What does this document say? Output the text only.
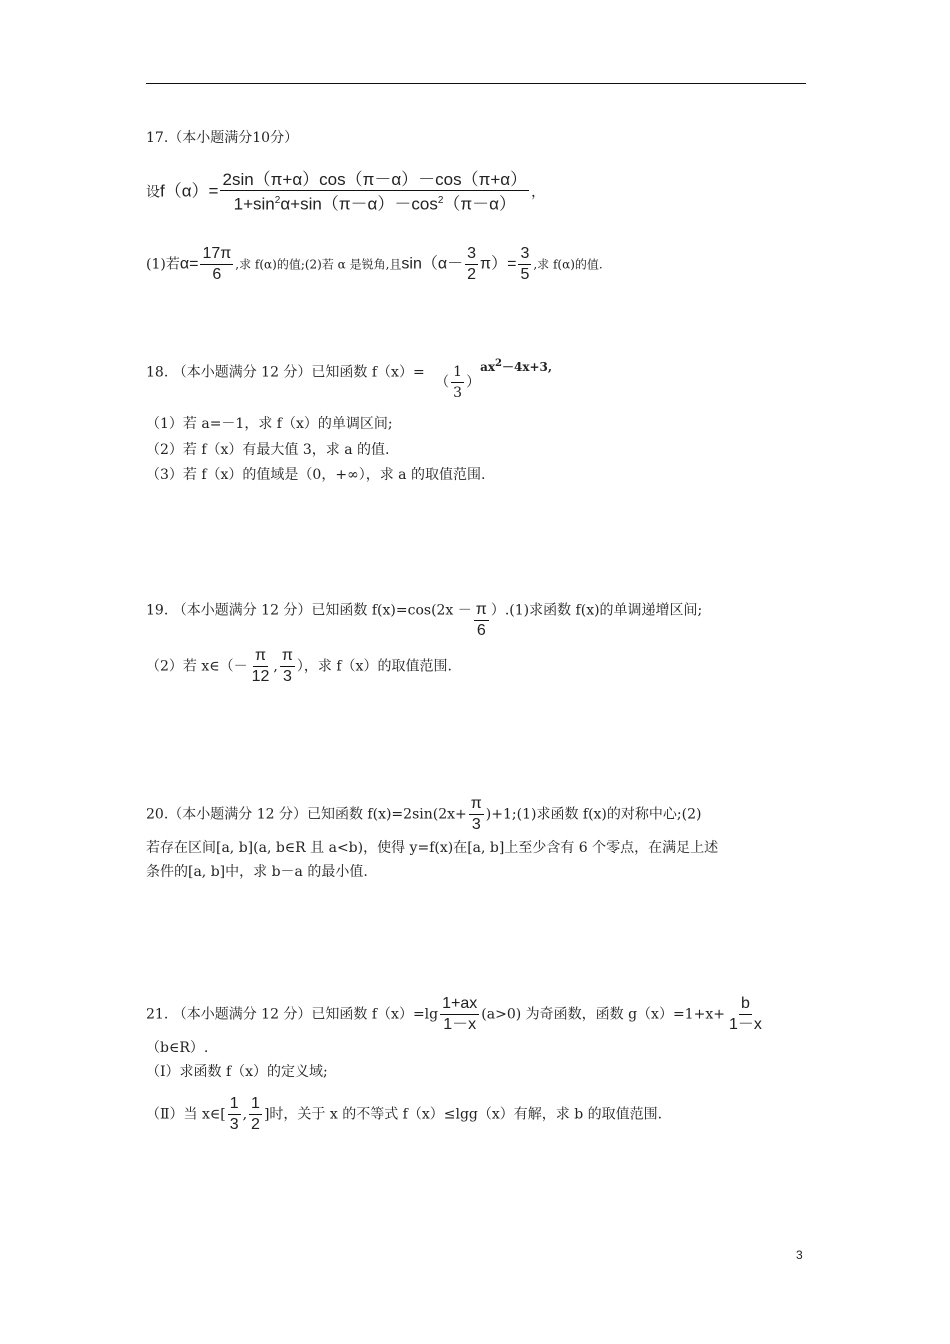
17.（本小题满分10分）
设$f(\alpha)= \frac{2\sin(\pi+\alpha)\cos(\pi-\alpha)-\cos(\pi+\alpha)}{1+\sin^2\alpha+\sin(\pi-\alpha)-\cos^2(\pi-\alpha)}$ ，
(1)若$\alpha= \frac{17\pi}{6}$ ,求 f(α)的值;(2)若 α 是锐角,且$\sin(\alpha- \frac{3}{2} \pi)= \frac{3}{5}$ ,求 f(α)的值.
18. （本小题满分 12 分）已知函数 f（x）= （ $\frac{1}{3} )ax^2-4x+3$,
（1）若 a=－1，求 f（x）的单调区间;
（2）若 f（x）有最大值 3，求 a 的值.
（3）若 f（x）的值域是（0，+∞），求 a 的取值范围.
19. （本小题满分 12 分）已知函数 $f(x)=\cos(2x - \frac{\pi}{6} ).(1)$求函数 f(x)的单调递增区间;
（2）若 x∈（－ $\frac{\pi}{12}$ , $\frac{\pi}{3}$ ），求 f（x）的取值范围.
20.（本小题满分 12 分）已知函数 $f(x)=2\sin(2x+ \frac{\pi}{3}$ )+1;(1)求函数 f(x)的对称中心;(2)
若存在区间[a, b](a, b∈R 且 a<b)，使得 y=f(x)在[a, b]上至少含有 6 个零点，在满足上述
条件的[a, b]中，求 b－a 的最小值.
21. （本小题满分 12 分）已知函数 $f(x)=\lg \frac{1+ax}{1-x} (a>0)$ 为奇函数，函数 $g(x)=1+x+ \frac{b}{1-x}$
（b∈R）.
（Ⅰ）求函数 f（x）的定义域;
（Ⅱ）当 x∈[ $\frac{1}{3}$ , $\frac{1}{2}$ ]时，关于 x 的不等式 f（x）≤lgg（x）有解，求 b 的取值范围.
3
